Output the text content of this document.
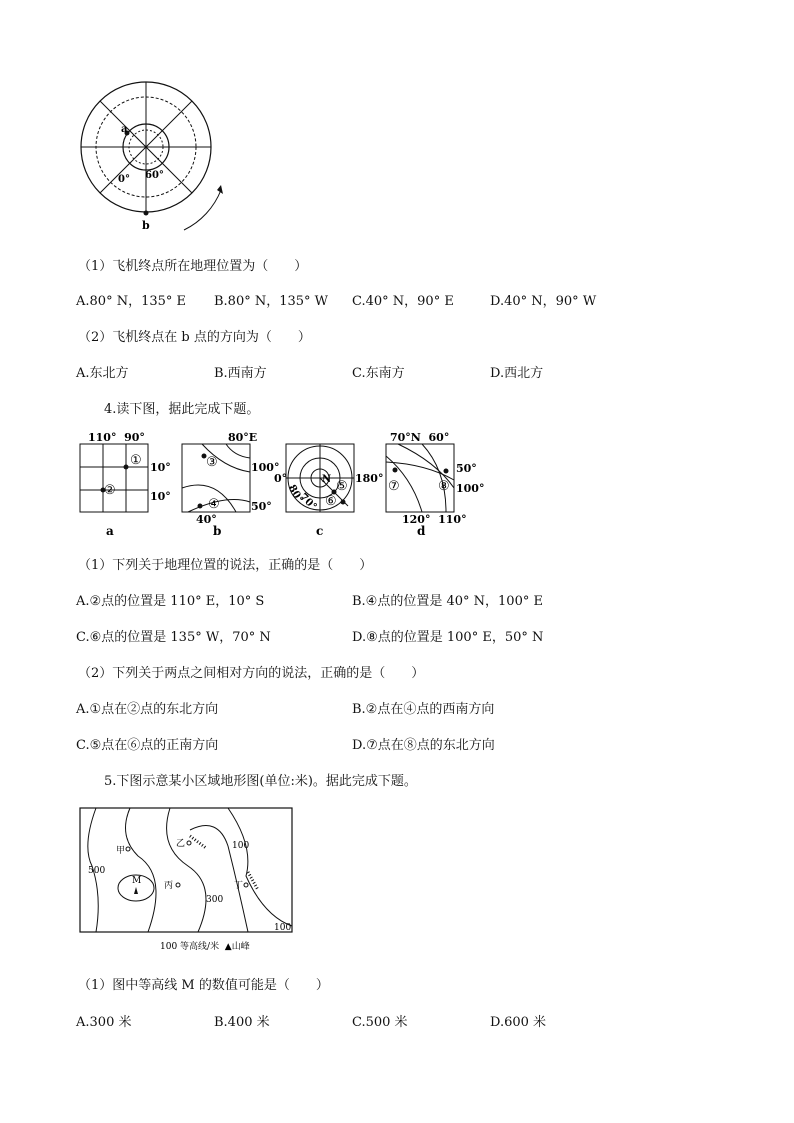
a
b
0° 60°
（1）飞机终点所在地理位置为（　　）
A.80° N，135° E B.80° N，135° W C.40° N，90° E	D.40° N，90° W
（2）飞机终点在 b 点的方向为（　　）
A.东北方	B.西南方	C.东南方	D.西北方
4.读下图，据此完成下题。
110°  90°
10°
10°
①
②
a
80°E
100°
50°
40°
③
④
b
0°	180°
N
80°
70°
⑤
⑥
c
70°N  60°
50°
100°
120°  110°
⑦	⑧
d
（1）下列关于地理位置的说法，正确的是（　　）
A.②点的位置是 110° E，10° S	B.④点的位置是 40° N，100° E
C.⑥点的位置是 135° W，70° N	D.⑧点的位置是 100° E，50° N
（2）下列关于两点之间相对方向的说法，正确的是（　　）
A.①点在②点的东北方向	B.②点在④点的西南方向
C.⑤点在⑥点的正南方向	D.⑦点在⑧点的东北方向
5.下图示意某小区域地形图(单位:米)。据此完成下题。
甲
乙
丙	丁
M
500
300
100
100
100 等高线/米  ▲山峰
（1）图中等高线 M 的数值可能是（　　）
A.300 米	B.400 米	C.500 米	D.600 米
